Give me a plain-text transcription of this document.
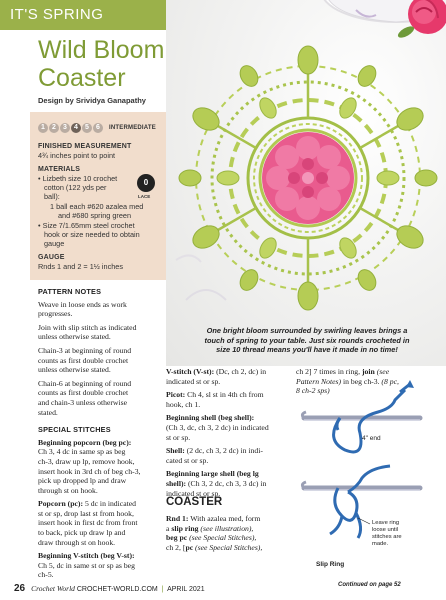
IT'S SPRING
Wild Bloom
Coaster
Design by Srividya Ganapathy
1	2	3	4	5	6	INTERMEDIATE
FINISHED MEASUREMENT
4¾ inches point to point
MATERIALS
• Lizbeth size 10 crochet
cotton (122 yds per
ball):
1 ball each #620 azalea med
and #680 spring green
• Size 7/1.65mm steel crochet
hook or size needed to obtain
gauge
0
LACE
GAUGE
Rnds 1 and 2 = 1½ inches
PATTERN NOTES
Weave in loose ends as work
progresses.
Join with slip stitch as indicated
unless otherwise stated.
Chain-3 at beginning of round
counts as first double crochet
unless otherwise stated.
Chain-6 at beginning of round
counts as first double crochet
and chain-3 unless otherwise
stated.
SPECIAL STITCHES
Beginning popcorn (beg pc):
Ch 3, 4 dc in same sp as beg
ch-3, draw up lp, remove hook,
insert hook in 3rd ch of beg ch-3,
pick up dropped lp and draw
through st on hook.
Popcorn (pc): 5 dc in indicated
st or sp, drop last st from hook,
insert hook in first dc from front
to back, pick up draw lp and
draw through st on hook.
Beginning V-stitch (beg V-st):
Ch 5, dc in same st or sp as beg
ch-5.
One bright bloom surrounded by swirling leaves brings a
touch of spring to your table. Just six rounds crocheted in
size 10 thread means you'll have it made in no time!
V-stitch (V-st): (Dc, ch 2, dc) in
indicated st or sp.
Picot: Ch 4, sl st in 4th ch from
hook, ch 1.
Beginning shell (beg shell):
(Ch 3, dc, ch 3, 2 dc) in indicated
st or sp.
Shell: (2 dc, ch 3, 2 dc) in indi-
cated st or sp.
Beginning large shell (beg lg
shell): (Ch 3, 2 dc, ch 3, 3 dc) in
indicated st or sp.
COASTER
Rnd 1: With azalea med, form
a slip ring (see illustration),
beg pc (see Special Stitches),
ch 2, [pc (see Special Stitches),
ch 2] 7 times in ring, join (see
Pattern Notes) in beg ch-3. (8 pc,
8 ch-2 sps)
4" end
Leave ring
loose until
stitches are
made.
Slip Ring
Continued on page 52
26 Crochet World CROCHET-WORLD.COM | APRIL 2021
